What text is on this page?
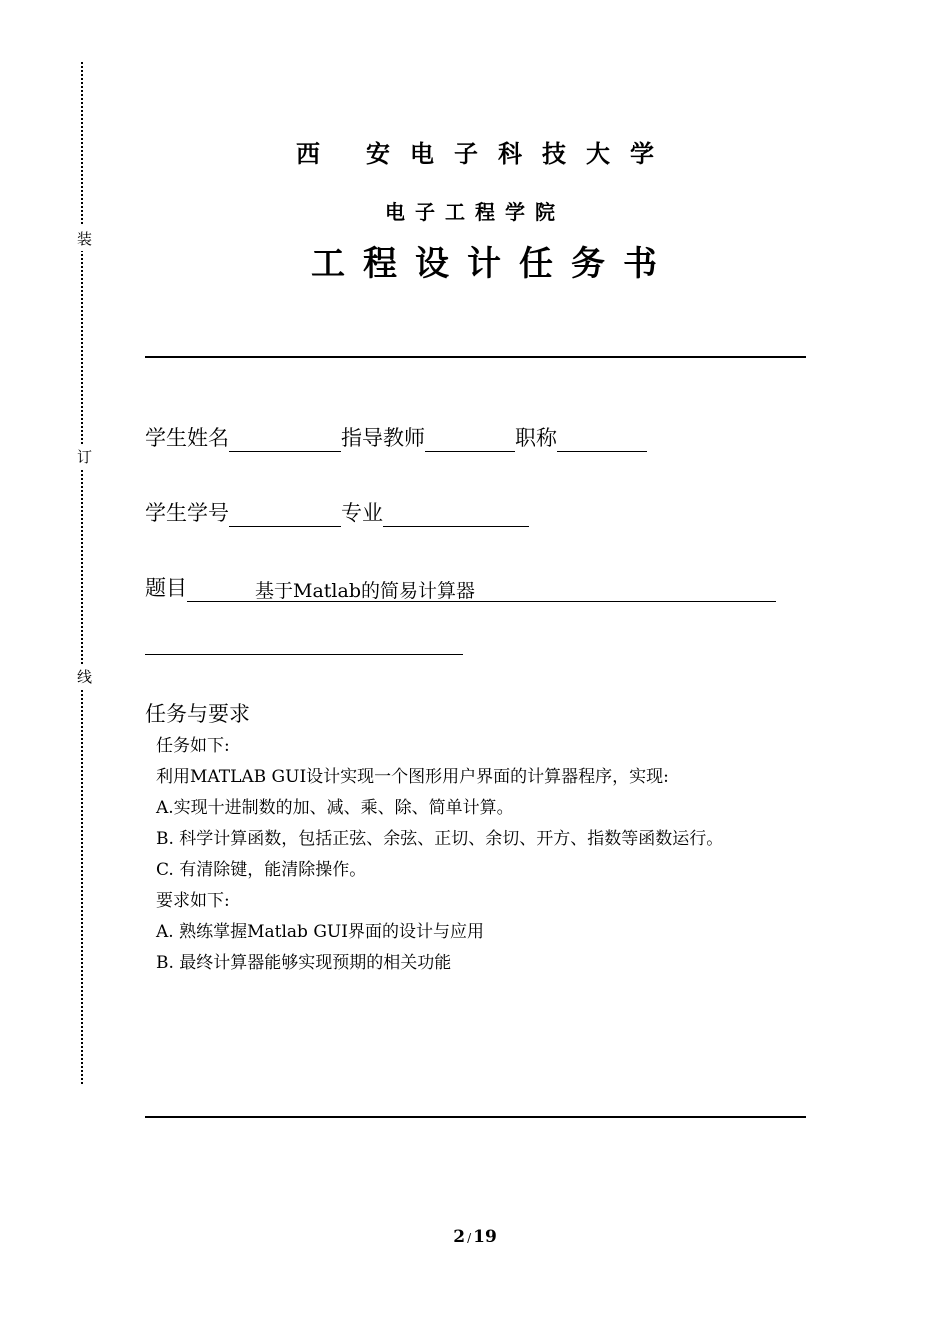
装
订
线
西 安 电 子 科 技 大 学
电子工程学院
工程设计任务书
学生姓名	指导教师	职称
学生学号	专业
题目	基于Matlab的简易计算器
任务与要求
任务如下:
利用MATLAB GUI设计实现一个图形用户界面的计算器程序，实现:
A.实现十进制数的加、减、乘、除、简单计算。
B. 科学计算函数，包括正弦、余弦、正切、余切、开方、指数等函数运行。
C. 有清除键，能清除操作。
要求如下:
A. 熟练掌握Matlab GUI界面的设计与应用
B. 最终计算器能够实现预期的相关功能
2 / 19
